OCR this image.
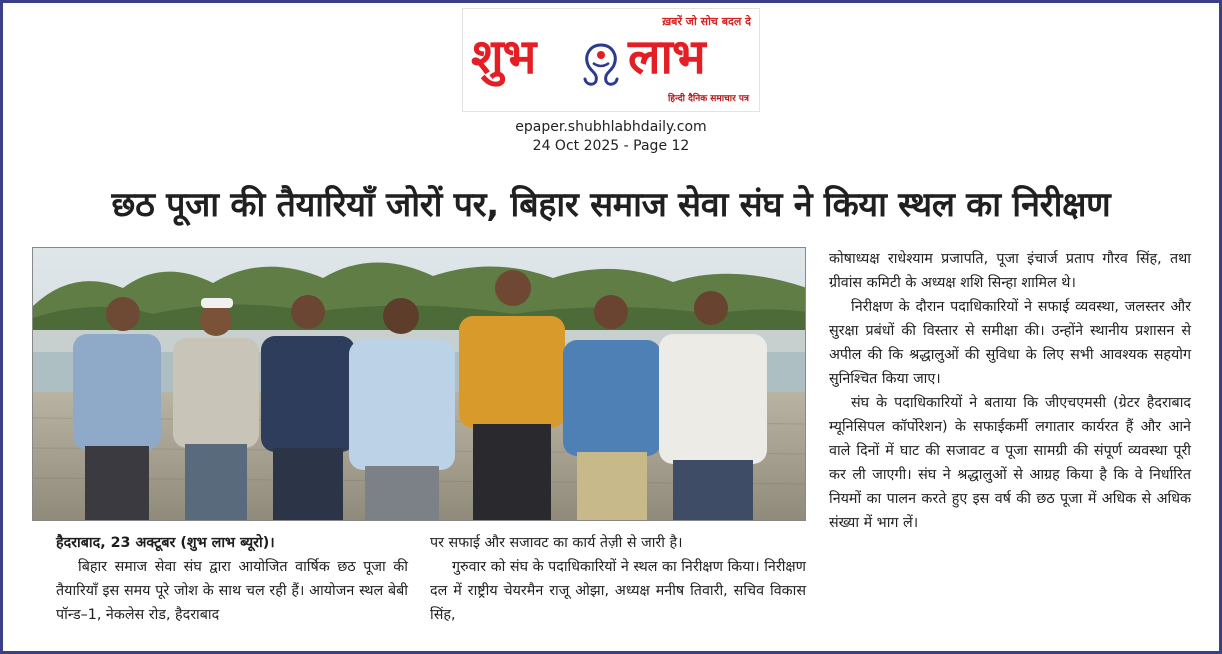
ख़बरें जो सोच बदल दे
शुभ लाभ
हिन्दी दैनिक समाचार पत्र
epaper.shubhlabhdaily.com
24 Oct 2025 - Page 12
छठ पूजा की तैयारियाँ जोरों पर, बिहार समाज सेवा संघ ने किया स्थल का निरीक्षण

हैदराबाद, 23 अक्टूबर (शुभ लाभ ब्यूरो)।

बिहार समाज सेवा संघ द्वारा आयोजित वार्षिक छठ पूजा की तैयारियाँ इस समय पूरे जोश के साथ चल रही हैं। आयोजन स्थल बेबी पॉन्ड–1, नेकलेस रोड, हैदराबाद

पर सफाई और सजावट का कार्य तेज़ी से जारी है।

गुरुवार को संघ के पदाधिकारियों ने स्थल का निरीक्षण किया। निरीक्षण दल में राष्ट्रीय चेयरमैन राजू ओझा, अध्यक्ष मनीष तिवारी, सचिव विकास सिंह,

कोषाध्यक्ष राधेश्याम प्रजापति, पूजा इंचार्ज प्रताप गौरव सिंह, तथा ग्रीवांस कमिटी के अध्यक्ष शशि सिन्हा शामिल थे।

निरीक्षण के दौरान पदाधिकारियों ने सफाई व्यवस्था, जलस्तर और सुरक्षा प्रबंधों की विस्तार से समीक्षा की। उन्होंने स्थानीय प्रशासन से अपील की कि श्रद्धालुओं की सुविधा के लिए सभी आवश्यक सहयोग सुनिश्चित किया जाए।

संघ के पदाधिकारियों ने बताया कि जीएचएमसी (ग्रेटर हैदराबाद म्यूनिसिपल कॉर्पोरेशन) के सफाईकर्मी लगातार कार्यरत हैं और आने वाले दिनों में घाट की सजावट व पूजा सामग्री की संपूर्ण व्यवस्था पूरी कर ली जाएगी। संघ ने श्रद्धालुओं से आग्रह किया है कि वे निर्धारित नियमों का पालन करते हुए इस वर्ष की छठ पूजा में अधिक से अधिक संख्या में भाग लें।
